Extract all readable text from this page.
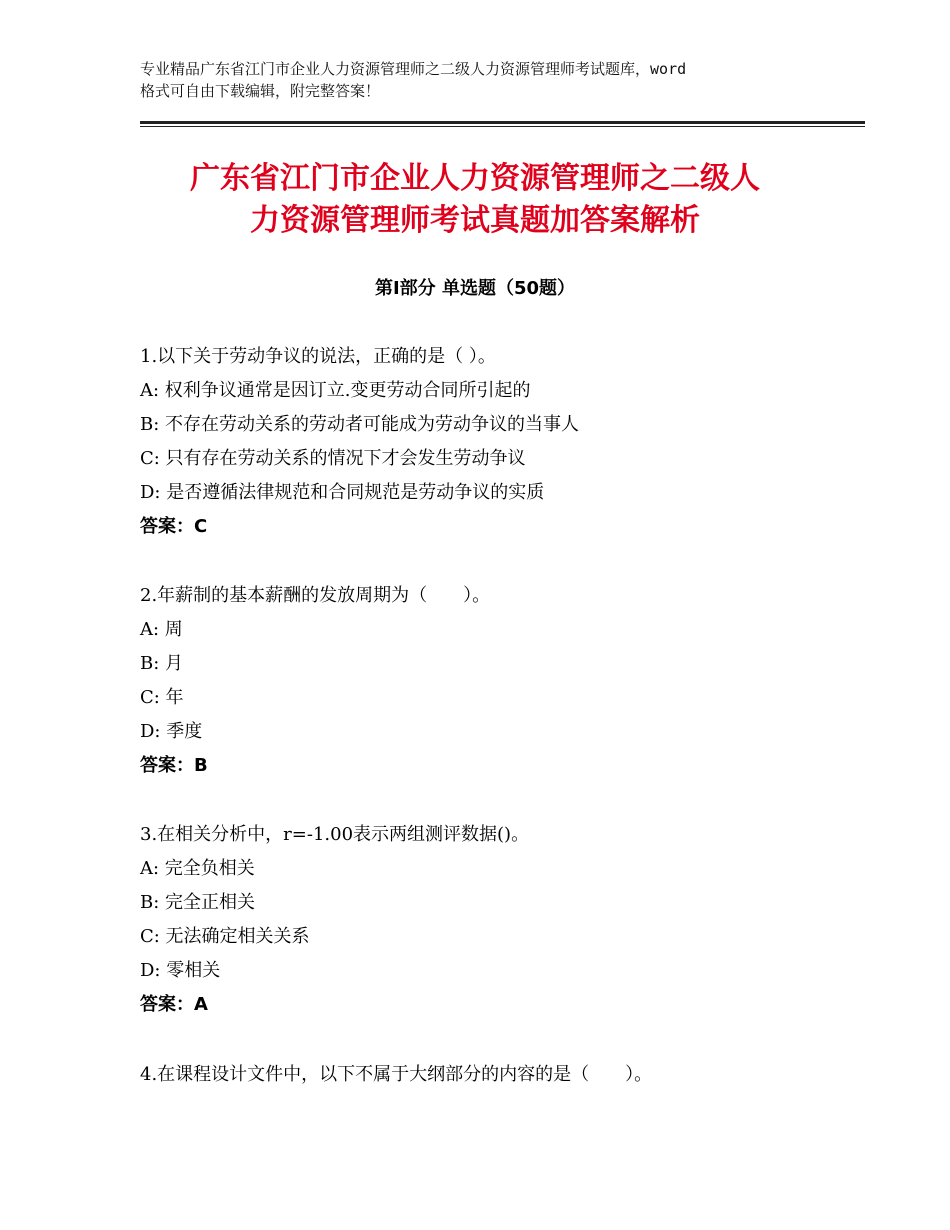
专业精品广东省江门市企业人力资源管理师之二级人力资源管理师考试题库，word
格式可自由下载编辑，附完整答案！
广东省江门市企业人力资源管理师之二级人
力资源管理师考试真题加答案解析
第Ⅰ部分 单选题（50题）
1.以下关于劳动争议的说法，正确的是（ ）。
A: 权利争议通常是因订立.变更劳动合同所引起的
B: 不存在劳动关系的劳动者可能成为劳动争议的当事人
C: 只有存在劳动关系的情况下才会发生劳动争议
D: 是否遵循法律规范和合同规范是劳动争议的实质
答案：C
2.年薪制的基本薪酬的发放周期为（　　）。
A: 周
B: 月
C: 年
D: 季度
答案：B
3.在相关分析中，r=-1.00表示两组测评数据()。
A: 完全负相关
B: 完全正相关
C: 无法确定相关关系
D: 零相关
答案：A
4.在课程设计文件中，以下不属于大纲部分的内容的是（　　）。
